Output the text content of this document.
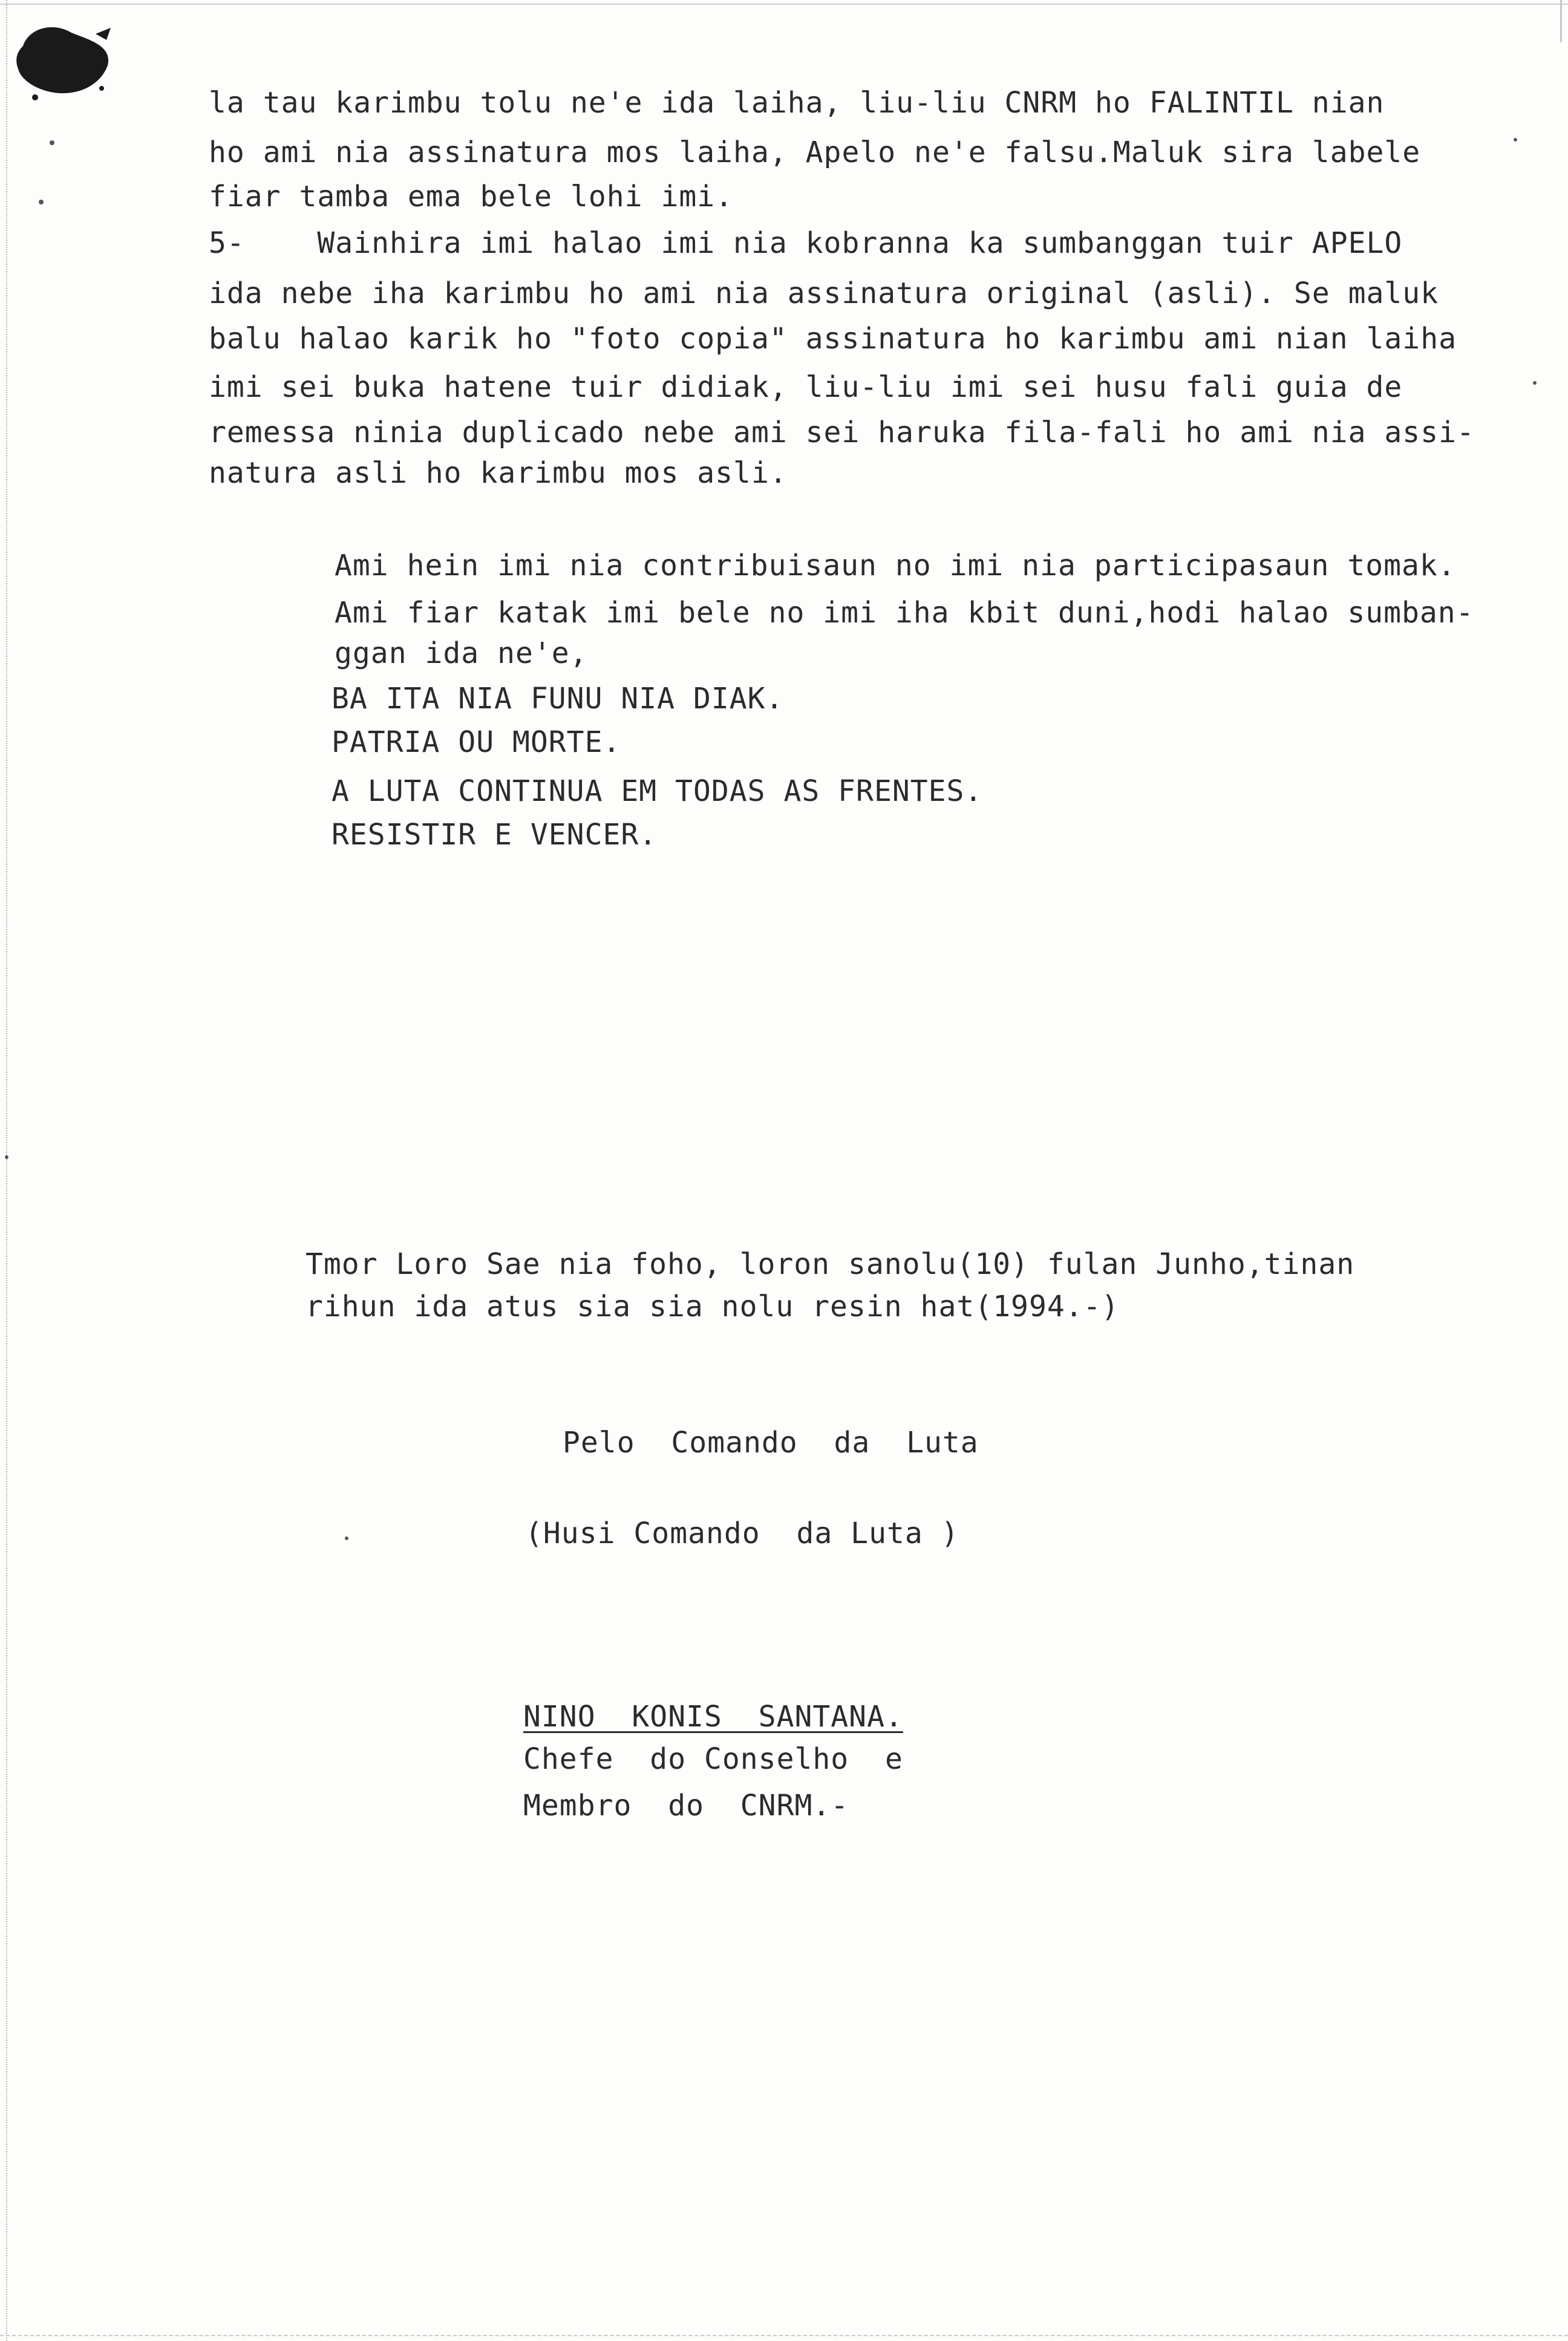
la tau karimbu tolu ne'e ida laiha, liu-liu CNRM ho FALINTIL nian
ho ami nia assinatura mos laiha, Apelo ne'e falsu.Maluk sira labele
fiar tamba ema bele lohi imi.
5-    Wainhira imi halao imi nia kobranna ka sumbanggan tuir APELO
ida nebe iha karimbu ho ami nia assinatura original (asli). Se maluk
balu halao karik ho "foto copia" assinatura ho karimbu ami nian laiha
imi sei buka hatene tuir didiak, liu-liu imi sei husu fali guia de
remessa ninia duplicado nebe ami sei haruka fila-fali ho ami nia assi-
natura asli ho karimbu mos asli.
Ami hein imi nia contribuisaun no imi nia participasaun tomak.
Ami fiar katak imi bele no imi iha kbit duni,hodi halao sumban-
ggan ida ne'e,
BA ITA NIA FUNU NIA DIAK.
PATRIA OU MORTE.
A LUTA CONTINUA EM TODAS AS FRENTES.
RESISTIR E VENCER.
Tmor Loro Sae nia foho, loron sanolu(10) fulan Junho,tinan
rihun ida atus sia sia nolu resin hat(1994.-)
Pelo  Comando  da  Luta
(Husi Comando  da Luta )
NINO  KONIS  SANTANA.
Chefe  do Conselho  e
Membro  do  CNRM.-
